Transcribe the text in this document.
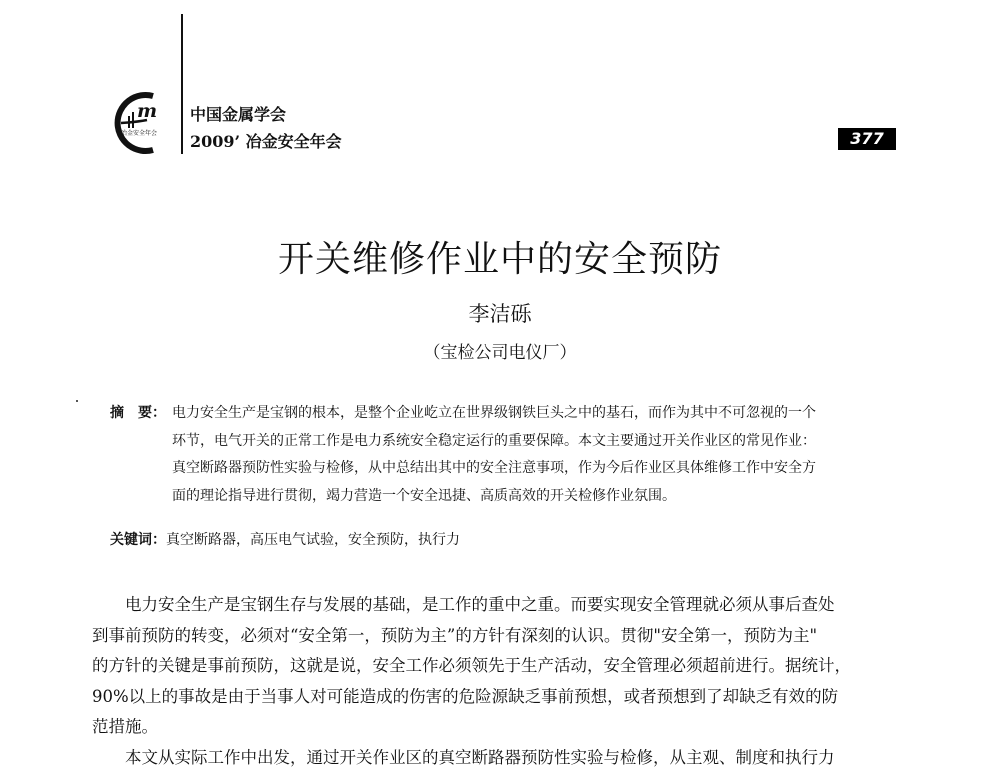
m
冶金安全年会
中国金属学会
2009’ 冶金安全年会	377
开关维修作业中的安全预防
李洁砾
（宝检公司电仪厂）
摘　要： 电力安全生产是宝钢的根本，是整个企业屹立在世界级钢铁巨头之中的基石，而作为其中不可忽视的一个
环节，电气开关的正常工作是电力系统安全稳定运行的重要保障。本文主要通过开关作业区的常见作业：
真空断路器预防性实验与检修，从中总结出其中的安全注意事项，作为今后作业区具体维修工作中安全方
面的理论指导进行贯彻，竭力营造一个安全迅捷、高质高效的开关检修作业氛围。
关键词：真空断路器，高压电气试验，安全预防，执行力
电力安全生产是宝钢生存与发展的基础，是工作的重中之重。而要实现安全管理就必须从事后查处
到事前预防的转变，必须对“安全第一，预防为主”的方针有深刻的认识。贯彻"安全第一，预防为主"
的方针的关键是事前预防，这就是说，安全工作必须领先于生产活动，安全管理必须超前进行。据统计，
90%以上的事故是由于当事人对可能造成的伤害的危险源缺乏事前预想，或者预想到了却缺乏有效的防
范措施。
本文从实际工作中出发，通过开关作业区的真空断路器预防性实验与检修，从主观、制度和执行力
